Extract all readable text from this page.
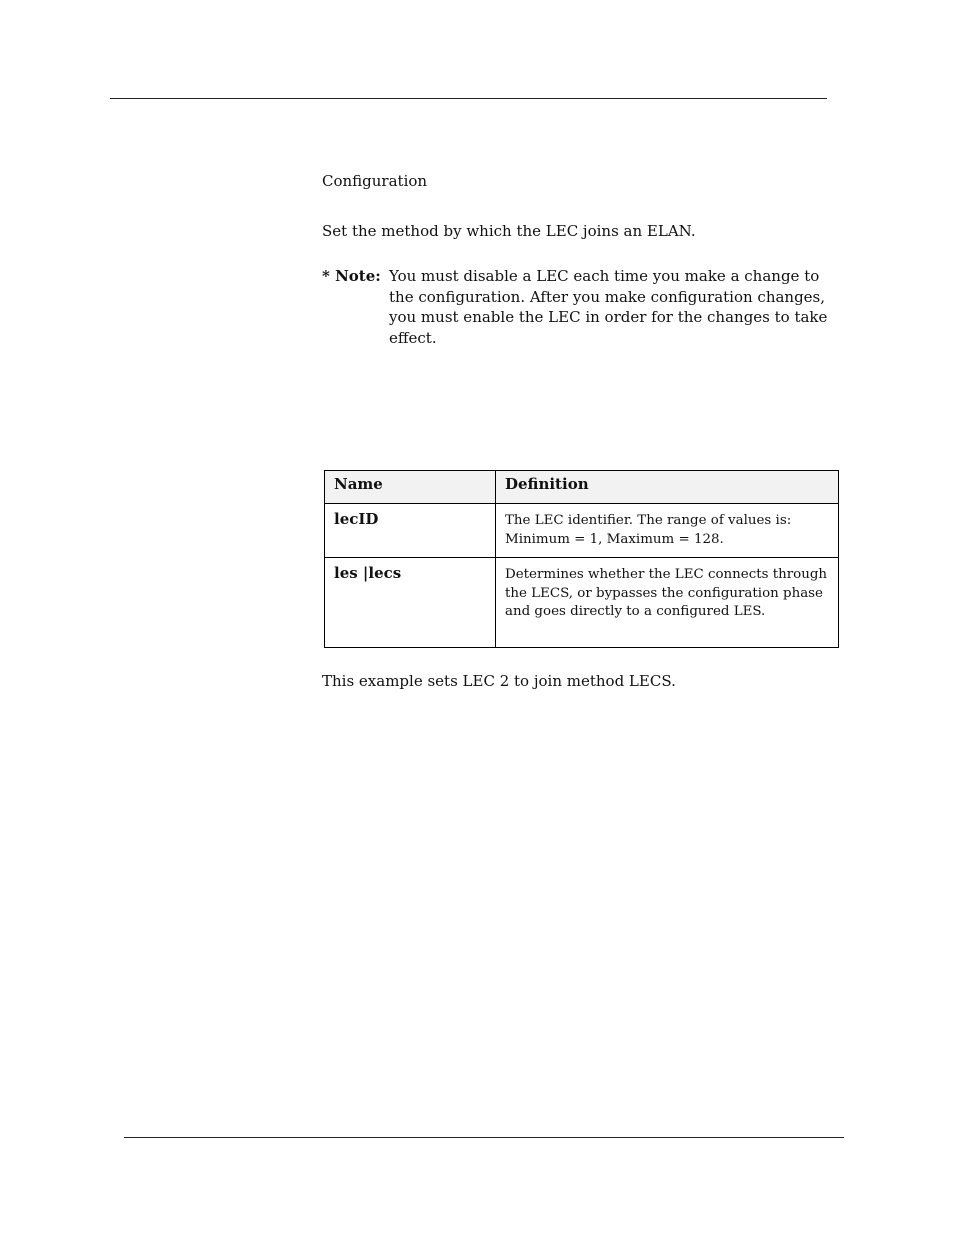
Configuration
Set the method by which the LEC joins an ELAN.
* Note: You must disable a LEC each time you make a change to the configuration. After you make configuration changes, you must enable the LEC in order for the changes to take effect.
Name	Definition
lecID	The LEC identifier. The range of values is: Minimum = 1, Maximum = 128.
les |lecs	Determines whether the LEC connects through the LECS, or bypasses the configuration phase and goes directly to a configured LES.
This example sets LEC 2 to join method LECS.
